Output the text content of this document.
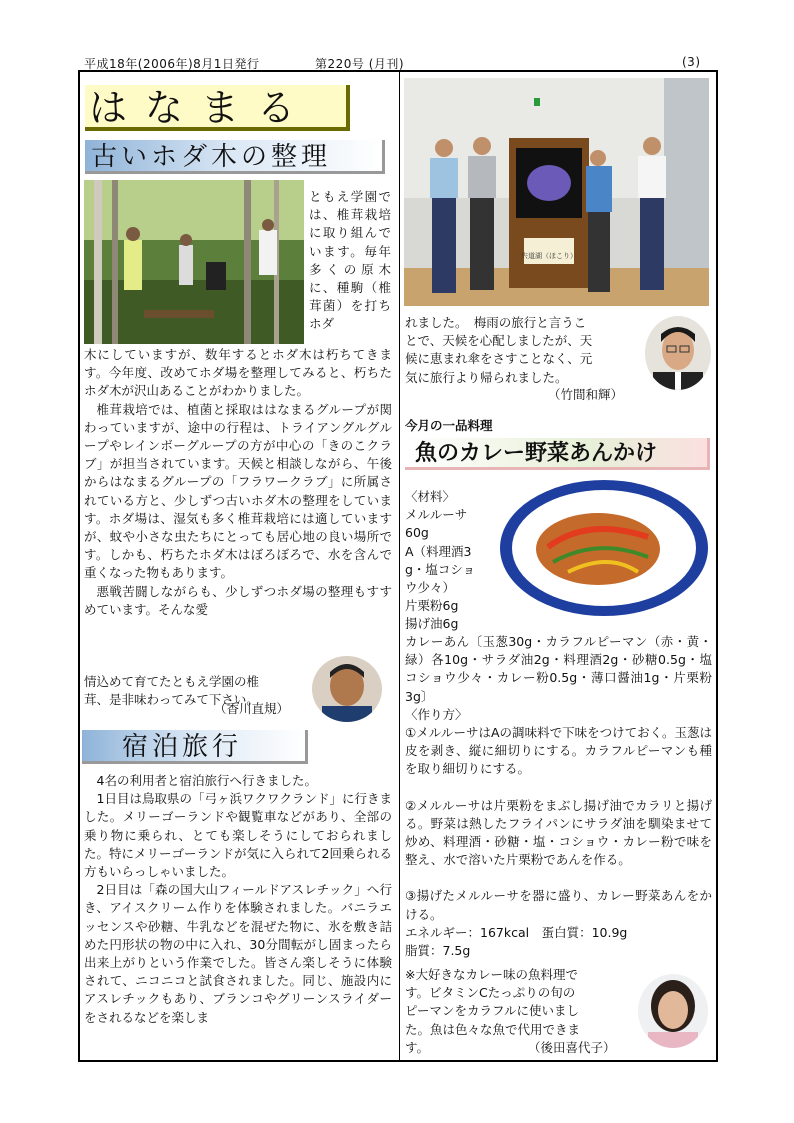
平成18年(2006年)8月1日発行	第220号 (月刊)	(3)
はなまる
古いホダ木の整理
ともえ学園では、椎茸栽培に取り組んでいます。毎年多くの原木に、種駒（椎茸菌）を打ちホダ

木にしていますが、数年するとホダ木は朽ちてきます。今年度、改めてホダ場を整理してみると、朽ちたホダ木が沢山あることがわかりました。

椎茸栽培では、植菌と採取ははなまるグループが関わっていますが、途中の行程は、トライアングルグループやレインボーグループの方が中心の「きのこクラブ」が担当されています。天候と相談しながら、午後からはなまるグループの「フラワークラブ」に所属されている方と、少しずつ古いホダ木の整理をしています。ホダ場は、湿気も多く椎茸栽培には適していますが、蚊や小さな虫たちにとっても居心地の良い場所です。しかも、朽ちたホダ木はぼろぼろで、水を含んで重くなった物もあります。

悪戦苦闘しながらも、少しずつホダ場の整理もすすめています。そんな愛

情込めて育てたともえ学園の椎

茸、是非味わってみて下さい。

（香川直規）
宿泊旅行

4名の利用者と宿泊旅行へ行きました。

1日目は鳥取県の「弓ヶ浜ワクワクランド」に行きました。メリーゴーランドや観覧車などがあり、全部の乗り物に乗られ、とても楽しそうにしておられました。特にメリーゴーランドが気に入られて2回乗られる方もいらっしゃいました。

2日目は「森の国大山フィールドアスレチック」へ行き、アイスクリーム作りを体験されました。バニラエッセンスや砂糖、牛乳などを混ぜた物に、氷を敷き詰めた円形状の物の中に入れ、30分間転がし固まったら出来上がりという作業でした。皆さん楽しそうに体験されて、ニコニコと試食されました。同じ、施設内にアスレチックもあり、ブランコやグリーンスライダーをされるなどを楽しま

宍道湖（ほこり）

れました。　梅雨の旅行と言うこ

とで、天候を心配しましたが、天

候に恵まれ傘をさすことなく、元

気に旅行より帰られました。

（竹間和輝）
今月の一品料理
魚のカレー野菜あんかけ

〈材料〉

メルルーサ

60g

A（料理酒3

g・塩コショ

ウ少々）

片栗粉6g

揚げ油6g

カレーあん〔玉葱30g・カラフルピーマン（赤・黄・緑）各10g・サラダ油2g・料理酒2g・砂糖0.5g・塩コショウ少々・カレー粉0.5g・薄口醤油1g・片栗粉3g〕

〈作り方〉

①メルルーサはAの調味料で下味をつけておく。玉葱は皮を剥き、縦に細切りにする。カラフルピーマンも種を取り細切りにする。

②メルルーサは片栗粉をまぶし揚げ油でカラリと揚げる。野菜は熱したフライパンにサラダ油を馴染ませて炒め、料理酒・砂糖・塩・コショウ・カレー粉で味を整え、水で溶いた片栗粉であんを作る。

③揚げたメルルーサを器に盛り、カレー野菜あんをかける。

エネルギー：167kcal　蛋白質：10.9g

脂質：7.5g

※大好きなカレー味の魚料理で

す。ビタミンCたっぷりの旬の

ピーマンをカラフルに使いまし

た。魚は色々な魚で代用できま

す。	（後田喜代子）
